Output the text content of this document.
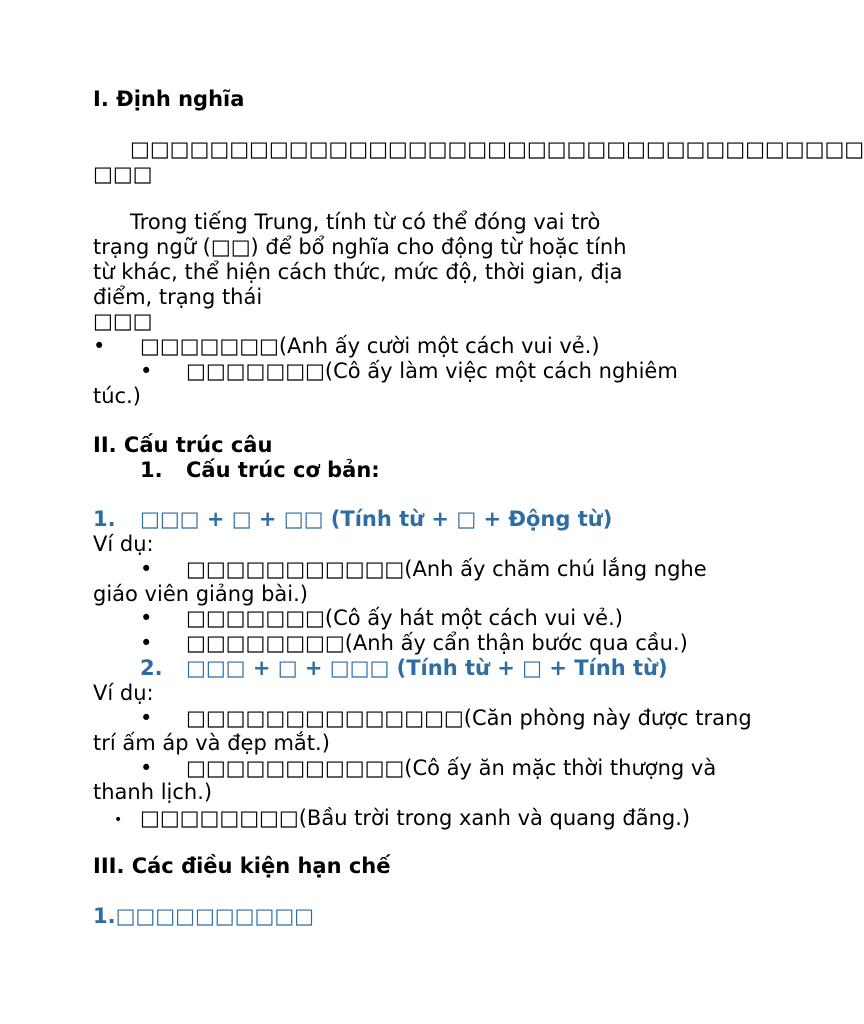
I. Định nghĩa
□□□□□□□□□□□□□□□□□□□□□□□□□□□□□□□□□□□□□
□□□
Trong tiếng Trung, tính từ có thể đóng vai trò
trạng ngữ (□□) để bổ nghĩa cho động từ hoặc tính
từ khác, thể hiện cách thức, mức độ, thời gian, địa
điểm, trạng thái
□□□
• □□□□□□□(Anh ấy cười một cách vui vẻ.)
• □□□□□□□(Cô ấy làm việc một cách nghiêm
túc.)
II. Cấu trúc câu
1. Cấu trúc cơ bản:
1. □□□ + □ + □□ (Tính từ + □ + Động từ)
Ví dụ:
• □□□□□□□□□□□(Anh ấy chăm chú lắng nghe
giáo viên giảng bài.)
• □□□□□□□(Cô ấy hát một cách vui vẻ.)
• □□□□□□□□(Anh ấy cẩn thận bước qua cầu.)
2. □□□ + □ + □□□ (Tính từ + □ + Tính từ)
Ví dụ:
• □□□□□□□□□□□□□□(Căn phòng này được trang
trí ấm áp và đẹp mắt.)
• □□□□□□□□□□□(Cô ấy ăn mặc thời thượng và
thanh lịch.)
• □□□□□□□□(Bầu trời trong xanh và quang đãng.)
III. Các điều kiện hạn chế
1.□□□□□□□□□□
